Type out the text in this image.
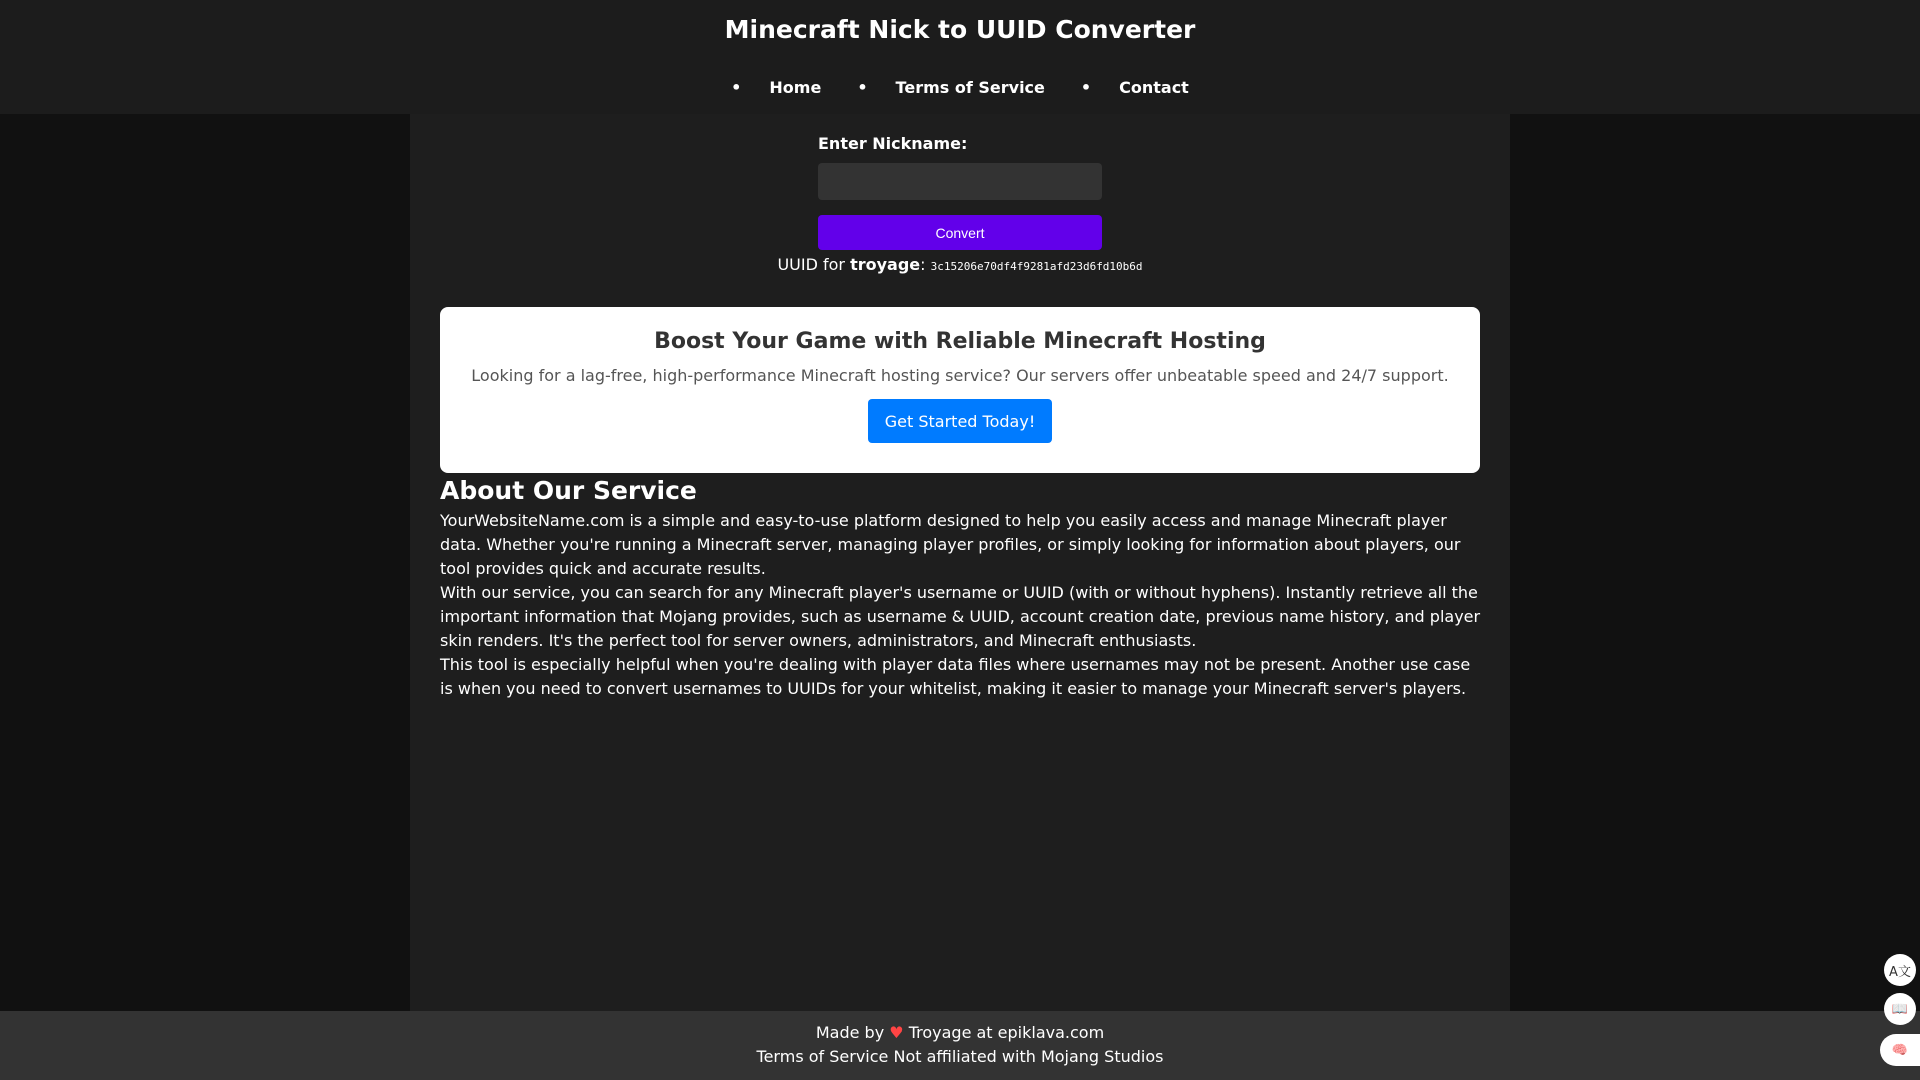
Minecraft Nick to UUID Converter
• Home	• Terms of Service	• Contact
Enter Nickname:
Convert
UUID for troyage: 3c15206e70df4f9281afd23d6fd10b6d
Boost Your Game with Reliable Minecraft Hosting

Looking for a lag-free, high-performance Minecraft hosting service? Our servers offer unbeatable speed and 24/7 support.

Get Started Today!
About Our Service

YourWebsiteName.com is a simple and easy-to-use platform designed to help you easily access and manage Minecraft player data. Whether you're running a Minecraft server, managing player profiles, or simply looking for information about players, our tool provides quick and accurate results.

With our service, you can search for any Minecraft player's username or UUID (with or without hyphens). Instantly retrieve all the important information that Mojang provides, such as username & UUID, account creation date, previous name history, and player skin renders. It's the perfect tool for server owners, administrators, and Minecraft enthusiasts.

This tool is especially helpful when you're dealing with player data files where usernames may not be present. Another use case is when you need to convert usernames to UUIDs for your whitelist, making it easier to manage your Minecraft server's players.

Made by ♥ Troyage at epiklava.com
Terms of Service Not affiliated with Mojang Studios
A文
📖
🧠
